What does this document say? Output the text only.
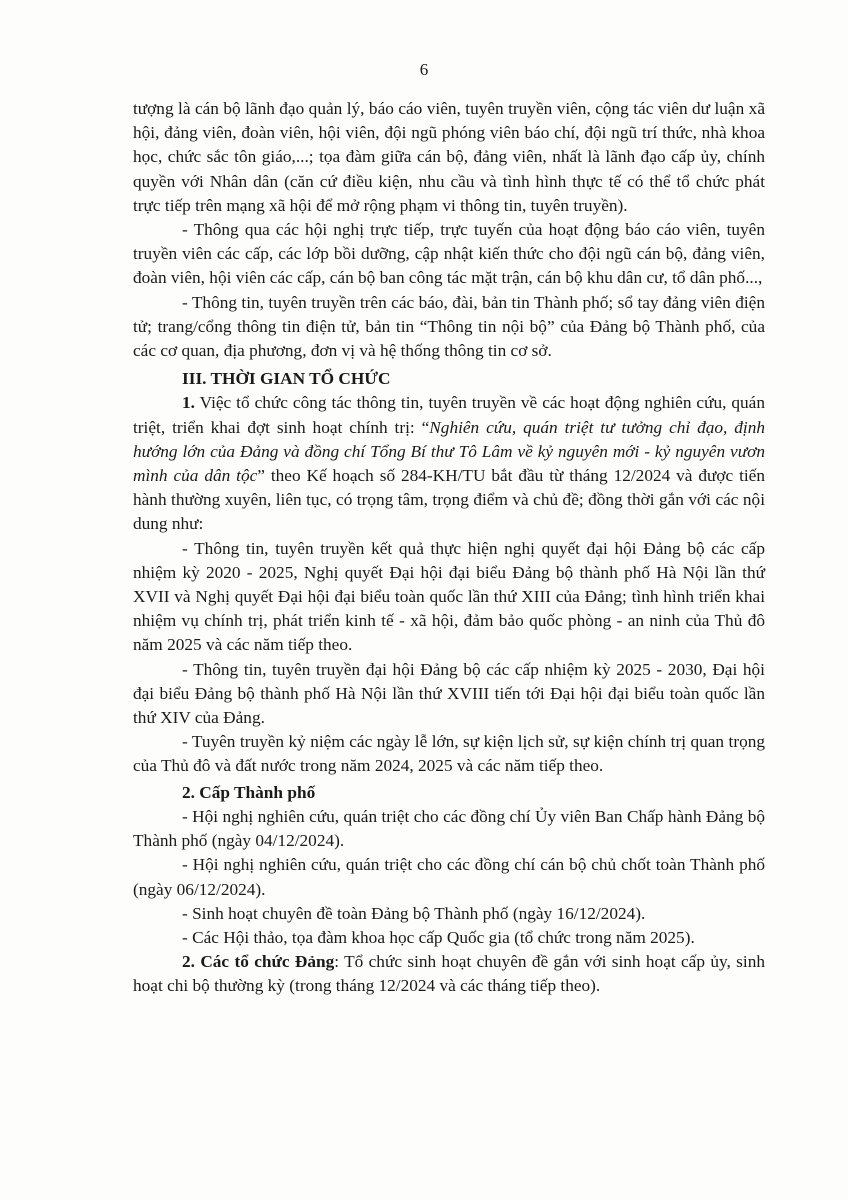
6

tượng là cán bộ lãnh đạo quản lý, báo cáo viên, tuyên truyền viên, cộng tác viên dư luận xã hội, đảng viên, đoàn viên, hội viên, đội ngũ phóng viên báo chí, đội ngũ trí thức, nhà khoa học, chức sắc tôn giáo,...; tọa đàm giữa cán bộ, đảng viên, nhất là lãnh đạo cấp ủy, chính quyền với Nhân dân (căn cứ điều kiện, nhu cầu và tình hình thực tế có thể tổ chức phát trực tiếp trên mạng xã hội để mở rộng phạm vi thông tin, tuyên truyền).

- Thông qua các hội nghị trực tiếp, trực tuyến của hoạt động báo cáo viên, tuyên truyền viên các cấp, các lớp bồi dưỡng, cập nhật kiến thức cho đội ngũ cán bộ, đảng viên, đoàn viên, hội viên các cấp, cán bộ ban công tác mặt trận, cán bộ khu dân cư, tổ dân phố...,

- Thông tin, tuyên truyền trên các báo, đài, bản tin Thành phố; sổ tay đảng viên điện tử; trang/cổng thông tin điện tử, bản tin “Thông tin nội bộ” của Đảng bộ Thành phố, của các cơ quan, địa phương, đơn vị và hệ thống thông tin cơ sở.

III. THỜI GIAN TỔ CHỨC

1. Việc tổ chức công tác thông tin, tuyên truyền về các hoạt động nghiên cứu, quán triệt, triển khai đợt sinh hoạt chính trị: “Nghiên cứu, quán triệt tư tưởng chỉ đạo, định hướng lớn của Đảng và đồng chí Tổng Bí thư Tô Lâm về kỷ nguyên mới - kỷ nguyên vươn mình của dân tộc” theo Kế hoạch số 284-KH/TU bắt đầu từ tháng 12/2024 và được tiến hành thường xuyên, liên tục, có trọng tâm, trọng điểm và chủ đề; đồng thời gắn với các nội dung như:

- Thông tin, tuyên truyền kết quả thực hiện nghị quyết đại hội Đảng bộ các cấp nhiệm kỳ 2020 - 2025, Nghị quyết Đại hội đại biểu Đảng bộ thành phố Hà Nội lần thứ XVII và Nghị quyết Đại hội đại biểu toàn quốc lần thứ XIII của Đảng; tình hình triển khai nhiệm vụ chính trị, phát triển kinh tế - xã hội, đảm bảo quốc phòng - an ninh của Thủ đô năm 2025 và các năm tiếp theo.

- Thông tin, tuyên truyền đại hội Đảng bộ các cấp nhiệm kỳ 2025 - 2030, Đại hội đại biểu Đảng bộ thành phố Hà Nội lần thứ XVIII tiến tới Đại hội đại biểu toàn quốc lần thứ XIV của Đảng.

- Tuyên truyền kỷ niệm các ngày lễ lớn, sự kiện lịch sử, sự kiện chính trị quan trọng của Thủ đô và đất nước trong năm 2024, 2025 và các năm tiếp theo.

2. Cấp Thành phố

- Hội nghị nghiên cứu, quán triệt cho các đồng chí Ủy viên Ban Chấp hành Đảng bộ Thành phố (ngày 04/12/2024).

- Hội nghị nghiên cứu, quán triệt cho các đồng chí cán bộ chủ chốt toàn Thành phố (ngày 06/12/2024).

- Sinh hoạt chuyên đề toàn Đảng bộ Thành phố (ngày 16/12/2024).

- Các Hội thảo, tọa đàm khoa học cấp Quốc gia (tổ chức trong năm 2025).

2. Các tổ chức Đảng: Tổ chức sinh hoạt chuyên đề gắn với sinh hoạt cấp ủy, sinh hoạt chi bộ thường kỳ (trong tháng 12/2024 và các tháng tiếp theo).
